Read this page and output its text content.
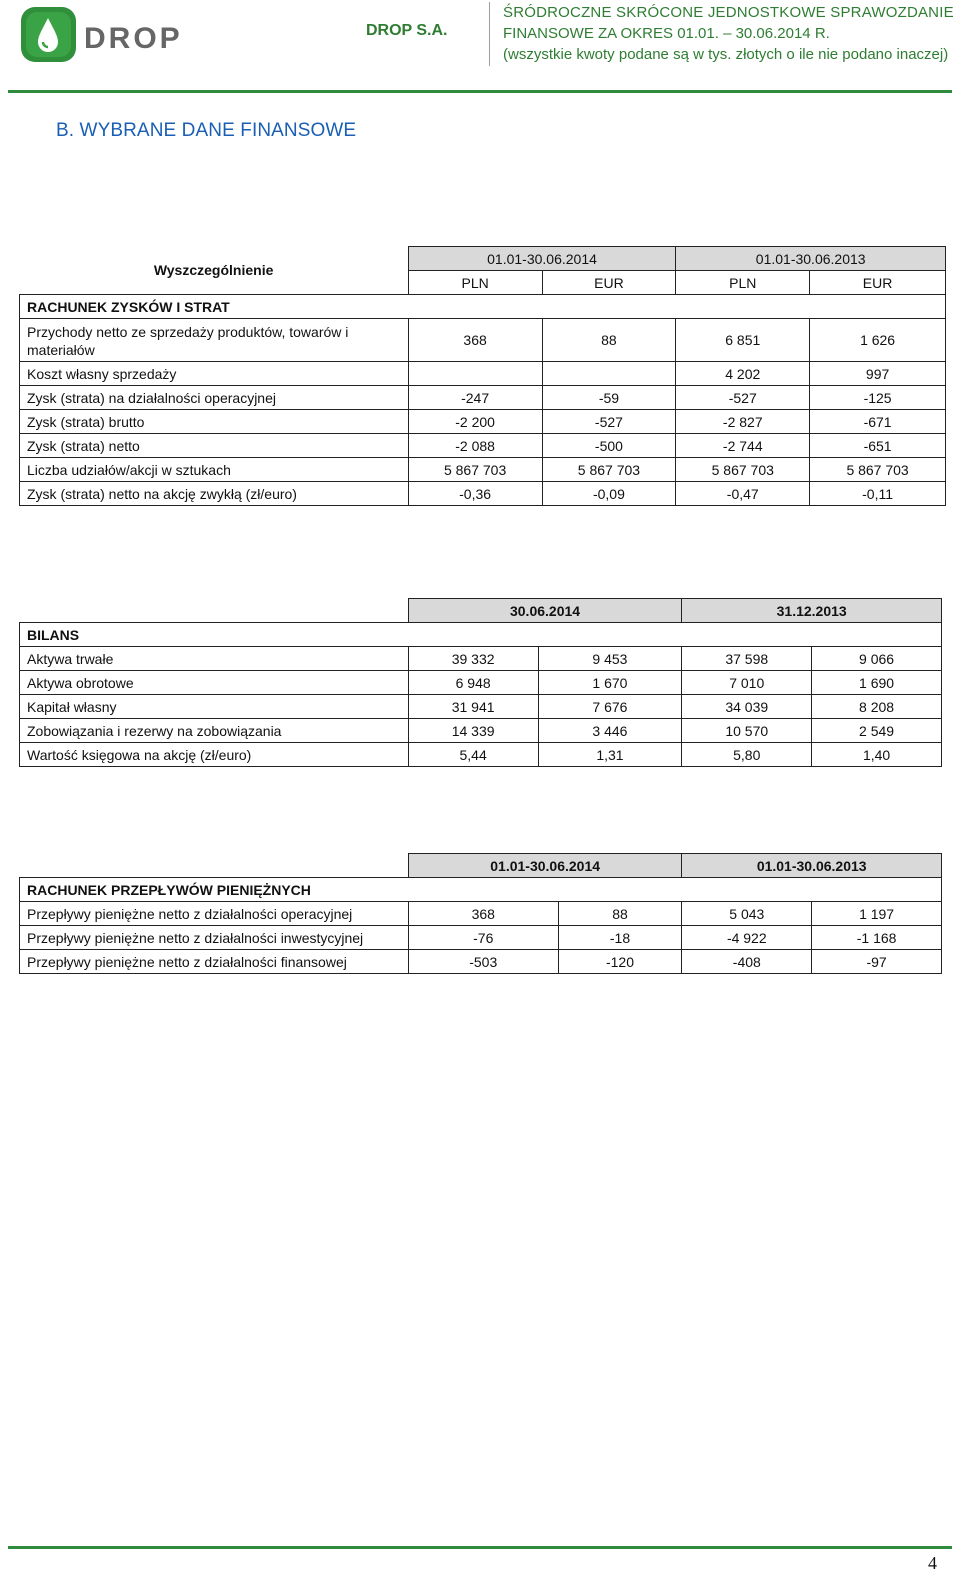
DROP	DROP S.A.
ŚRÓDROCZNE SKRÓCONE JEDNOSTKOWE SPRAWOZDANIE
FINANSOWE ZA OKRES 01.01. – 30.06.2014 R.
(wszystkie kwoty podane są w tys. złotych o ile nie podano inaczej)
B. WYBRANE DANE FINANSOWE
Wyszczególnienie	01.01-30.06.2014		01.01-30.06.2013	
	PLN	EUR	PLN	EUR
RACHUNEK ZYSKÓW I STRAT				
Przychody netto ze sprzedaży produktów, towarów i materiałów	368	88	6 851	1 626
Koszt własny sprzedaży			4 202	997
Zysk (strata) na działalności operacyjnej	-247	-59	-527	-125
Zysk (strata) brutto	-2 200	-527	-2 827	-671
Zysk (strata) netto	-2 088	-500	-2 744	-651
Liczba udziałów/akcji w sztukach	5 867 703	5 867 703	5 867 703	5 867 703
Zysk (strata) netto na akcję zwykłą (zł/euro)	-0,36	-0,09	-0,47	-0,11
	30.06.2014		31.12.2013	
BILANS				
Aktywa trwałe	39 332	9 453	37 598	9 066
Aktywa obrotowe	6 948	1 670	7 010	1 690
Kapitał własny	31 941	7 676	34 039	8 208
Zobowiązania i rezerwy na zobowiązania	14 339	3 446	10 570	2 549
Wartość księgowa na akcję (zł/euro)	5,44	1,31	5,80	1,40
	01.01-30.06.2014		01.01-30.06.2013	
RACHUNEK PRZEPŁYWÓW PIENIĘŻNYCH				
Przepływy pieniężne netto z działalności operacyjnej	368	88	5 043	1 197
Przepływy pieniężne netto z działalności inwestycyjnej	-76	-18	-4 922	-1 168
Przepływy pieniężne netto z działalności finansowej	-503	-120	-408	-97
4
